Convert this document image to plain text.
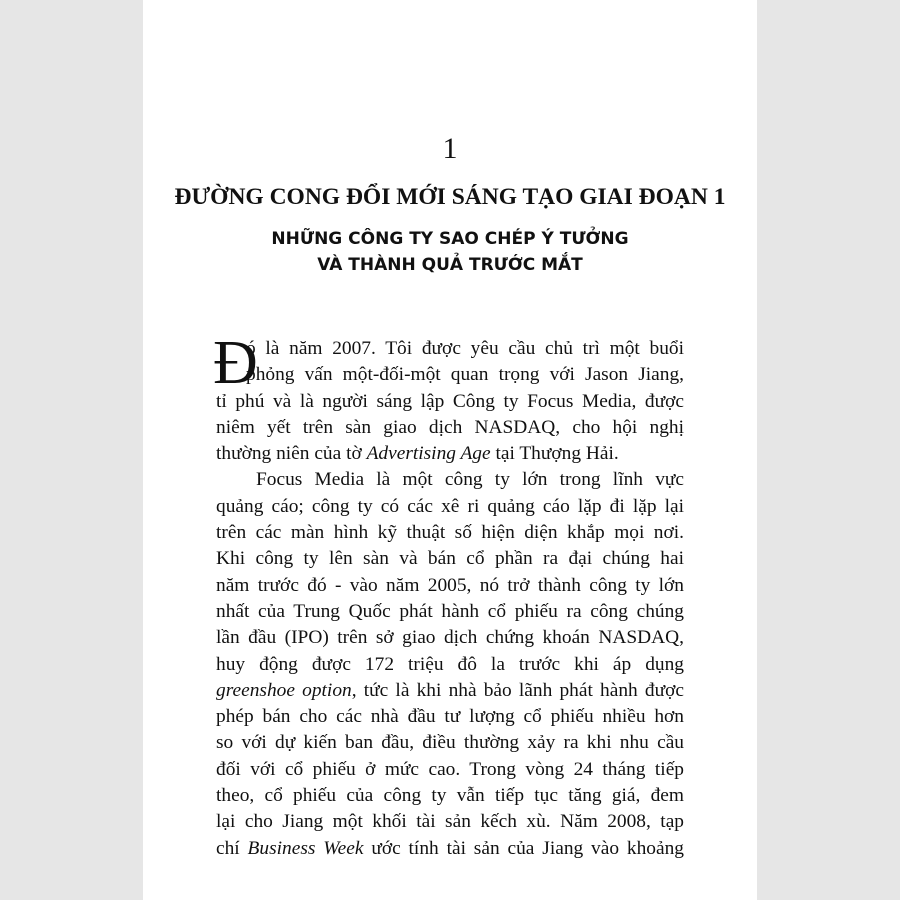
1
ĐƯỜNG CONG ĐỔI MỚI SÁNG TẠO GIAI ĐOẠN 1
NHỮNG CÔNG TY SAO CHÉP Ý TƯỞNG
VÀ THÀNH QUẢ TRƯỚC MẮT
Đ
ó là năm 2007. Tôi được yêu cầu chủ trì một buổi
phỏng vấn một-đối-một quan trọng với Jason Jiang,
tỉ phú và là người sáng lập Công ty Focus Media, được
niêm yết trên sàn giao dịch NASDAQ, cho hội nghị
thường niên của tờ Advertising Age tại Thượng Hải.
Focus Media là một công ty lớn trong lĩnh vực
quảng cáo; công ty có các xê ri quảng cáo lặp đi lặp lại
trên các màn hình kỹ thuật số hiện diện khắp mọi nơi.
Khi công ty lên sàn và bán cổ phần ra đại chúng hai
năm trước đó - vào năm 2005, nó trở thành công ty lớn
nhất của Trung Quốc phát hành cổ phiếu ra công chúng
lần đầu (IPO) trên sở giao dịch chứng khoán NASDAQ,
huy động được 172 triệu đô la trước khi áp dụng
greenshoe option, tức là khi nhà bảo lãnh phát hành được
phép bán cho các nhà đầu tư lượng cổ phiếu nhiều hơn
so với dự kiến ban đầu, điều thường xảy ra khi nhu cầu
đối với cổ phiếu ở mức cao. Trong vòng 24 tháng tiếp
theo, cổ phiếu của công ty vẫn tiếp tục tăng giá, đem
lại cho Jiang một khối tài sản kếch xù. Năm 2008, tạp
chí Business Week ước tính tài sản của Jiang vào khoảng
